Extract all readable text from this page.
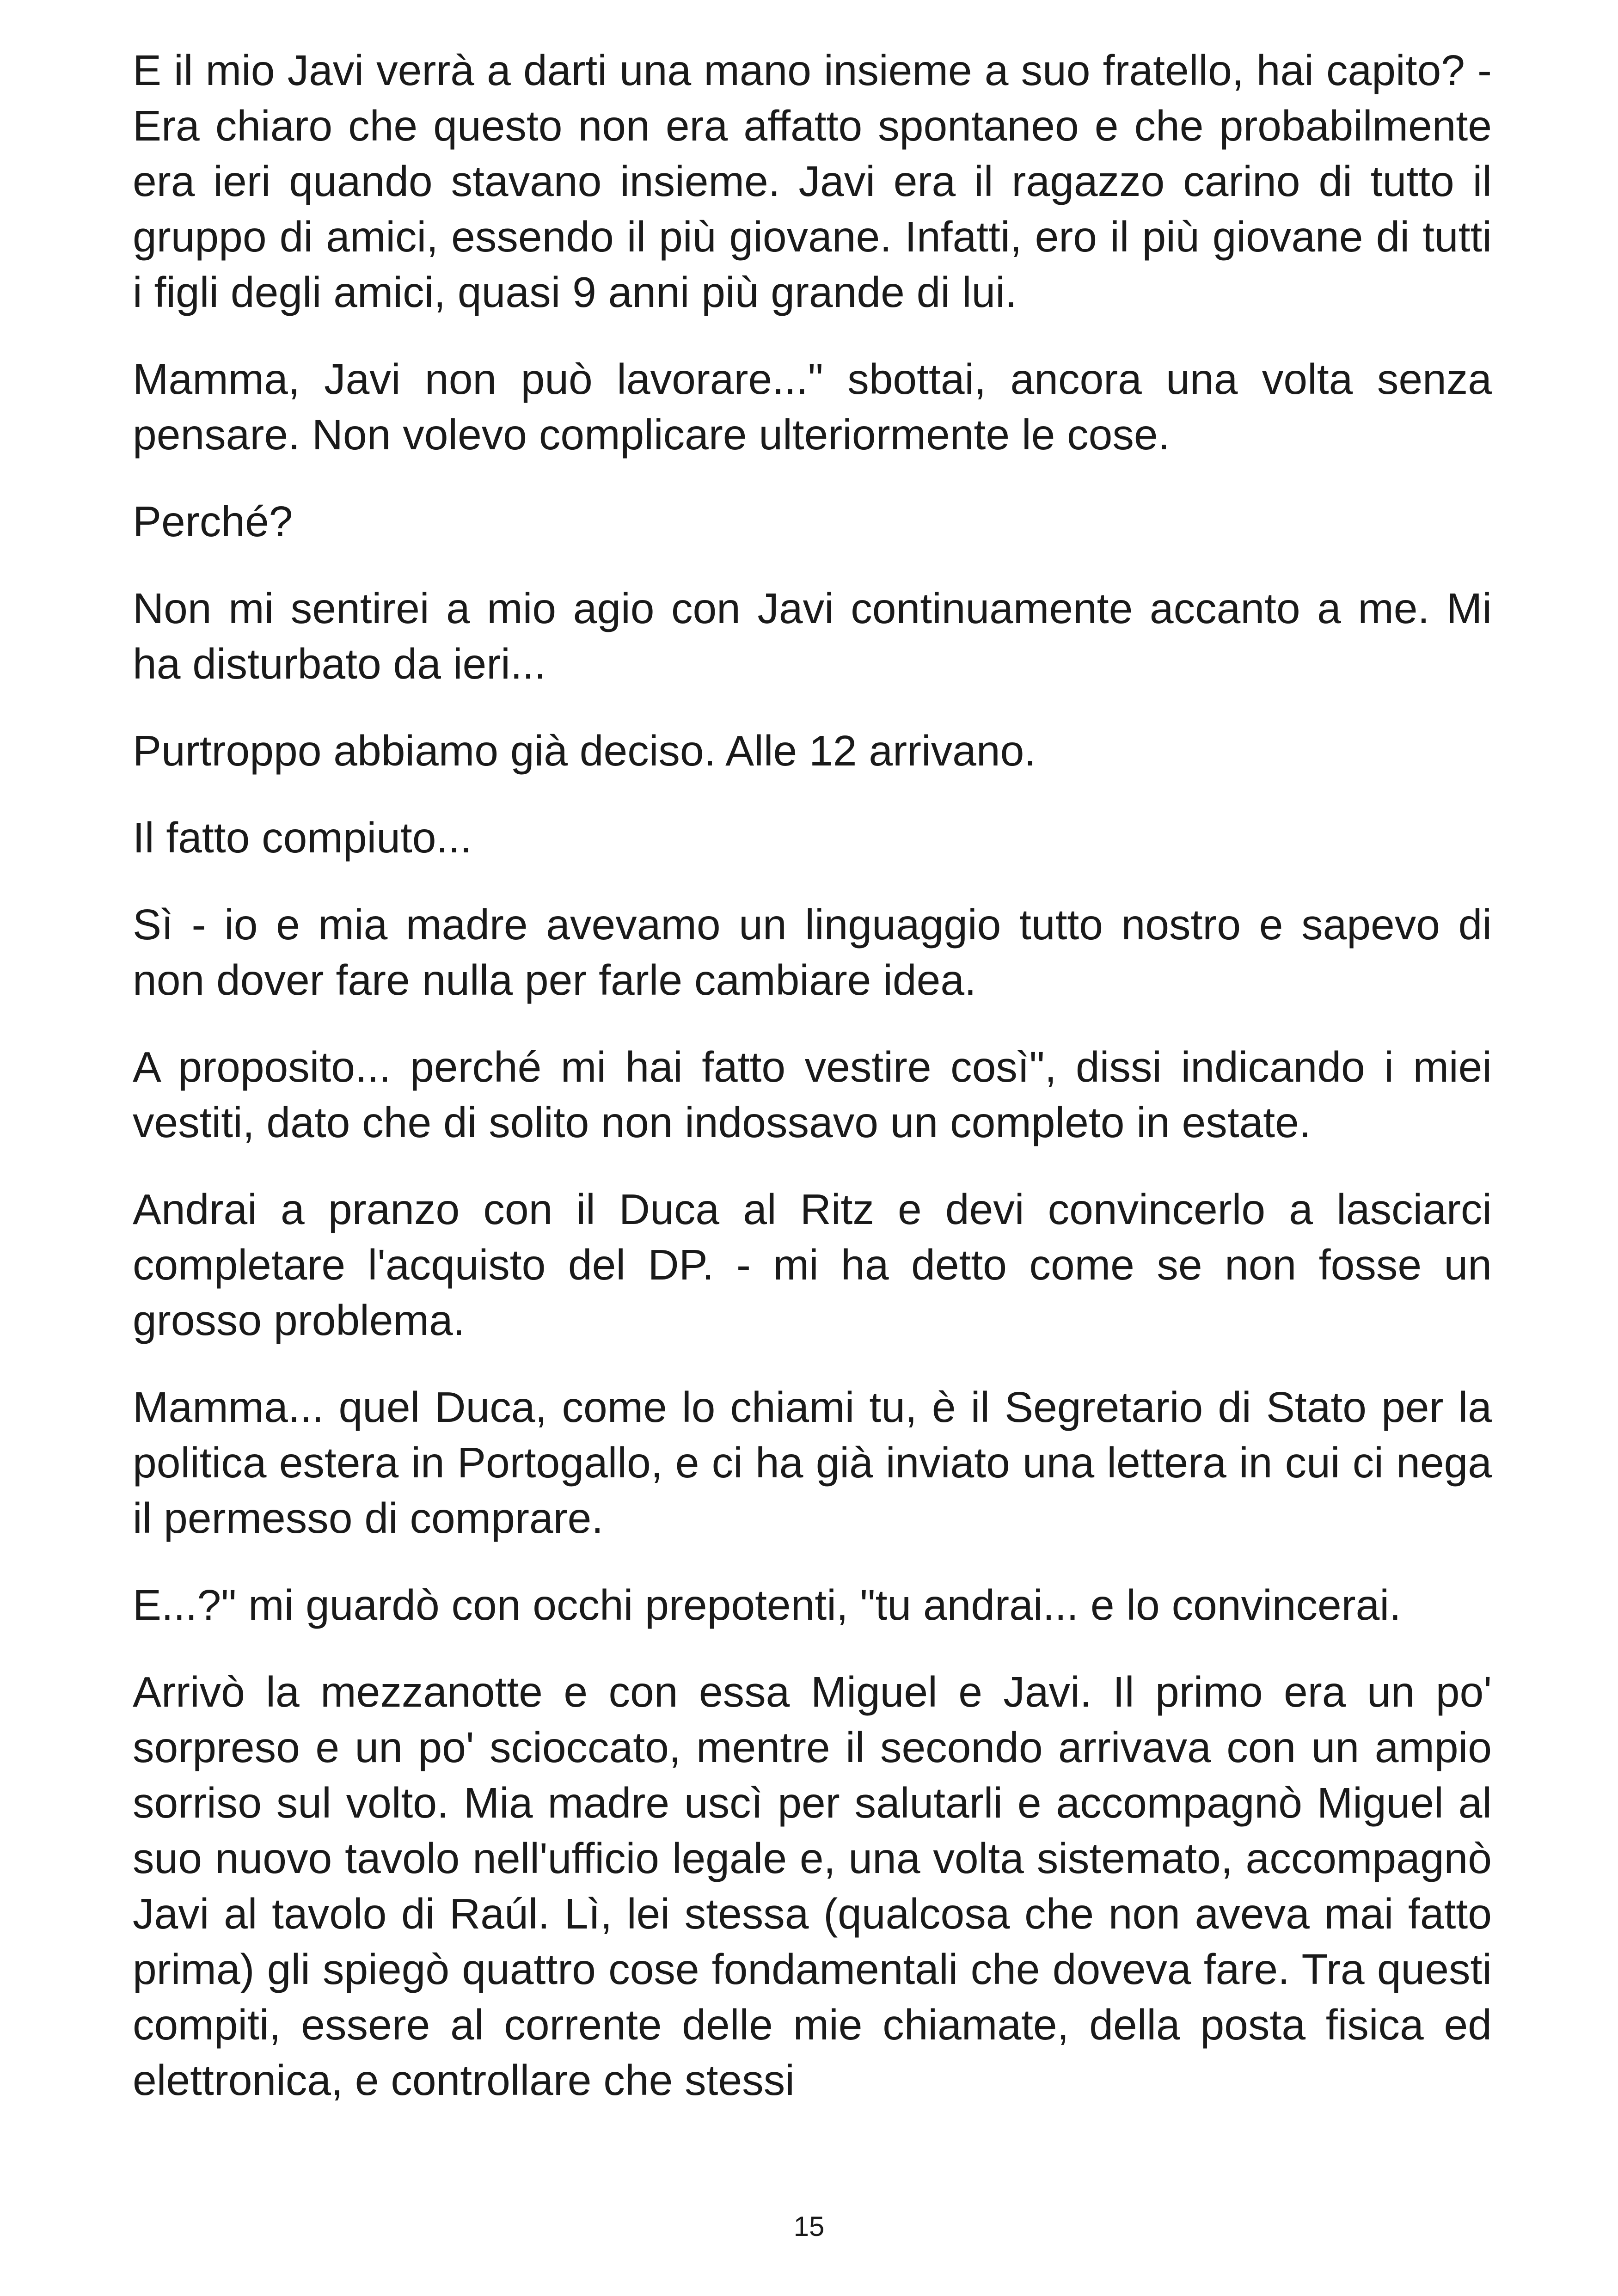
E il mio Javi verrà a darti una mano insieme a suo fratello, hai capito? - Era chiaro che questo non era affatto spontaneo e che probabilmente era ieri quando stavano insieme. Javi era il ragazzo carino di tutto il gruppo di amici, essendo il più giovane. Infatti, ero il più giovane di tutti i figli degli amici, quasi 9 anni più grande di lui.

Mamma, Javi non può lavorare..." sbottai, ancora una volta senza pensare. Non volevo complicare ulteriormente le cose.

Perché?

Non mi sentirei a mio agio con Javi continuamente accanto a me. Mi ha disturbato da ieri...

Purtroppo abbiamo già deciso. Alle 12 arrivano.

Il fatto compiuto...

Sì - io e mia madre avevamo un linguaggio tutto nostro e sapevo di non dover fare nulla per farle cambiare idea.

A proposito... perché mi hai fatto vestire così", dissi indicando i miei vestiti, dato che di solito non indossavo un completo in estate.

Andrai a pranzo con il Duca al Ritz e devi convincerlo a lasciarci completare l'acquisto del DP. - mi ha detto come se non fosse un grosso problema.

Mamma... quel Duca, come lo chiami tu, è il Segretario di Stato per la politica estera in Portogallo, e ci ha già inviato una lettera in cui ci nega il permesso di comprare.

E...?" mi guardò con occhi prepotenti, "tu andrai... e lo convincerai.

Arrivò la mezzanotte e con essa Miguel e Javi. Il primo era un po' sorpreso e un po' scioccato, mentre il secondo arrivava con un ampio sorriso sul volto. Mia madre uscì per salutarli e accompagnò Miguel al suo nuovo tavolo nell'ufficio legale e, una volta sistemato, accompagnò Javi al tavolo di Raúl. Lì, lei stessa (qualcosa che non aveva mai fatto prima) gli spiegò quattro cose fondamentali che doveva fare. Tra questi compiti, essere al corrente delle mie chiamate, della posta fisica ed elettronica, e controllare che stessi

15
